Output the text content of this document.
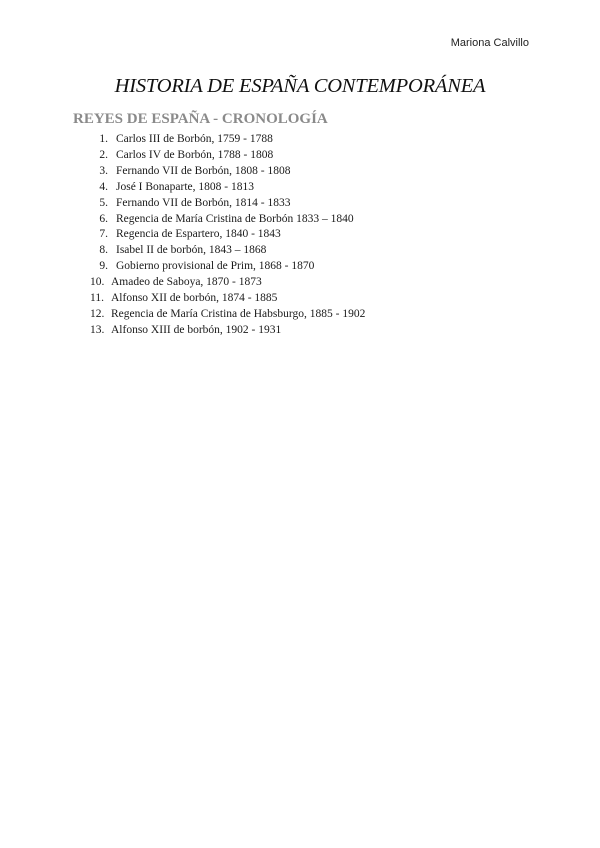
Mariona Calvillo
HISTORIA DE ESPAÑA CONTEMPORÁNEA
REYES DE ESPAÑA - CRONOLOGÍA
1. Carlos III de Borbón, 1759 - 1788
2. Carlos IV de Borbón, 1788 - 1808
3. Fernando VII de Borbón, 1808 - 1808
4. José I Bonaparte, 1808 - 1813
5. Fernando VII de Borbón, 1814 - 1833
6. Regencia de María Cristina de Borbón 1833 – 1840
7. Regencia de Espartero, 1840 - 1843
8. Isabel II de borbón, 1843 – 1868
9. Gobierno provisional de Prim, 1868 - 1870
10. Amadeo de Saboya, 1870 - 1873
11. Alfonso XII de borbón, 1874 - 1885
12. Regencia de María Cristina de Habsburgo, 1885 - 1902
13. Alfonso XIII de borbón, 1902 - 1931
